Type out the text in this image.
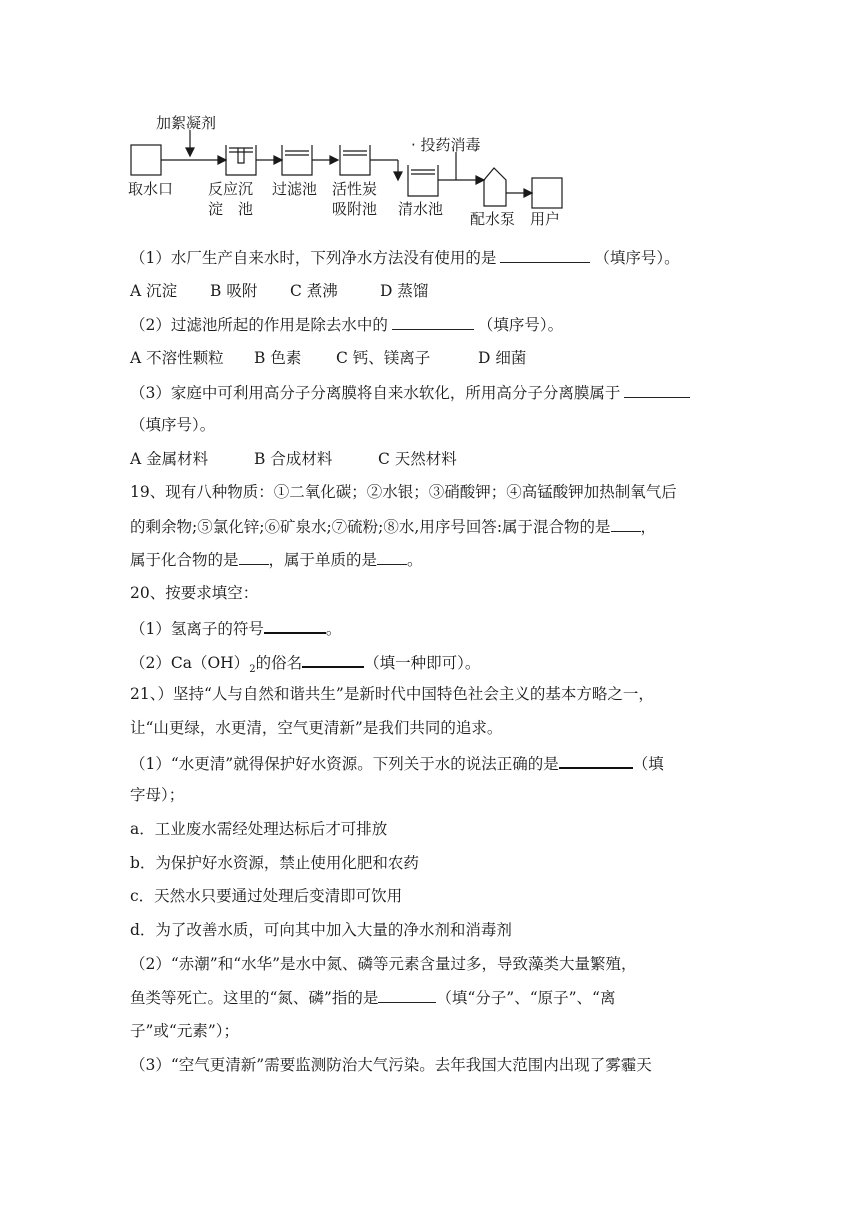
加絮凝剂
· 投药消毒
取水口 反应沉
淀　池
过滤池 活性炭
吸附池 清水池
配水泵 用户
（1）水厂生产自来水时，下列净水方法没有使用的是	（填序号）。
A 沉淀 B 吸附 C 煮沸	D 蒸馏
（2）过滤池所起的作用是除去水中的	（填序号）。
A 不溶性颗粒 B 色素 C 钙、镁离子	D 细菌
（3）家庭中可利用高分子分离膜将自来水软化，所用高分子分离膜属于
（填序号）。
A 金属材料	B 合成材料	C 天然材料
19、现有八种物质：①二氧化碳；②水银；③硝酸钾；④高锰酸钾加热制氧气后
的剩余物;⑤氯化锌;⑥矿泉水;⑦硫粉;⑧水,用序号回答:属于混合物的是 ，
属于化合物的是 ，属于单质的是 。
20、按要求填空：
（1）氢离子的符号	。
$(2)Ca(OH)_2$的俗名	（填一种即可）。
21、）坚持“人与自然和谐共生”是新时代中国特色社会主义的基本方略之一，
让“山更绿，水更清，空气更清新”是我们共同的追求。
（1）“水更清”就得保护好水资源。下列关于水的说法正确的是	（填
字母）；
a．工业废水需经处理达标后才可排放
b．为保护好水资源，禁止使用化肥和农药
c．天然水只要通过处理后变清即可饮用
d．为了改善水质，可向其中加入大量的净水剂和消毒剂
（2）“赤潮”和“水华”是水中氮、磷等元素含量过多，导致藻类大量繁殖，
鱼类等死亡。这里的“氮、磷”指的是	（填“分子”、“原子”、“离
子”或“元素”）；
（3）“空气更清新”需要监测防治大气污染。去年我国大范围内出现了雾霾天
